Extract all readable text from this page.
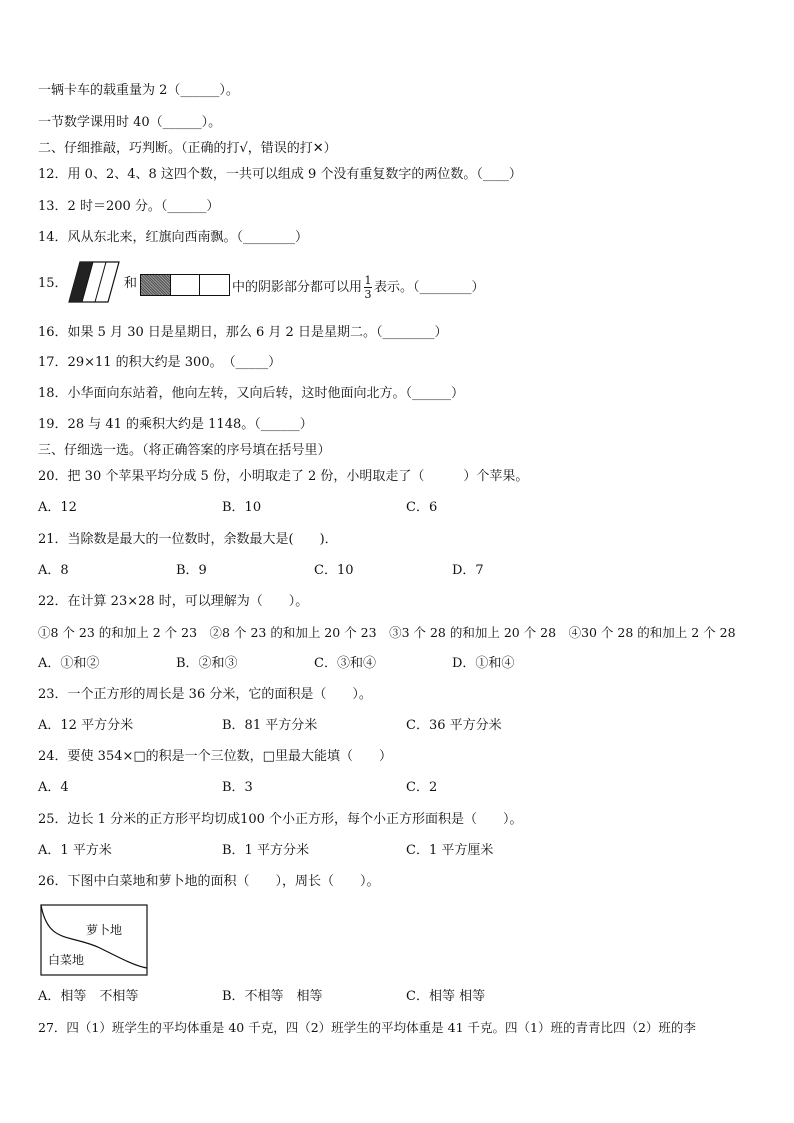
一辆卡车的载重量为 2（______）。
一节数学课用时 40（______）。
二、仔细推敲，巧判断。（正确的打√，错误的打✕）
12．用 0、2、4、8 这四个数，一共可以组成 9 个没有重复数字的两位数。（____）
13．2 时＝200 分。（______）
14．风从东北来，红旗向西南飘。（________）
15．	和	中的阴影部分都可以用 $\frac{1}{3}$ 表示。（________）
16．如果 5 月 30 日是星期日，那么 6 月 2 日是星期二。（________）
17．29×11 的积大约是 300。　（_____）
18．小华面向东站着，他向左转，又向后转，这时他面向北方。（______）
19．28 与 41 的乘积大约是 1148。（______）
三、仔细选一选。（将正确答案的序号填在括号里）
20．把 30 个苹果平均分成 5 份，小明取走了 2 份，小明取走了（　　　）个苹果。
A．12	B．10	C．6
21．当除数是最大的一位数时，余数最大是(　　)．
A．8	B．9	C．10	D．7
22．在计算 23×28 时，可以理解为（　　）。
①8 个 23 的和加上 2 个 23　②8 个 23 的和加上 20 个 23　③3 个 28 的和加上 20 个 28　④30 个 28 的和加上 2 个 28
A．①和②	B．②和③	C．③和④	D．①和④
23．一个正方形的周长是 36 分米，它的面积是（　　）。
A．12 平方分米	B．81 平方分米	C．36 平方分米
24．要使 354×□的积是一个三位数，□里最大能填（　　）
A．4	B．3	C．2
25．边长 1 分米的正方形平均切成100 个小正方形，每个小正方形面积是（　　）。
A．1 平方米	B．1 平方分米	C．1 平方厘米
26．下图中白菜地和萝卜地的面积（　　），周长（　　）。
萝卜地
白菜地
A．相等　不相等	B．不相等　相等	C．相等 相等
27．四（1）班学生的平均体重是 40 千克，四（2）班学生的平均体重是 41 千克。四（1）班的青青比四（2）班的李
